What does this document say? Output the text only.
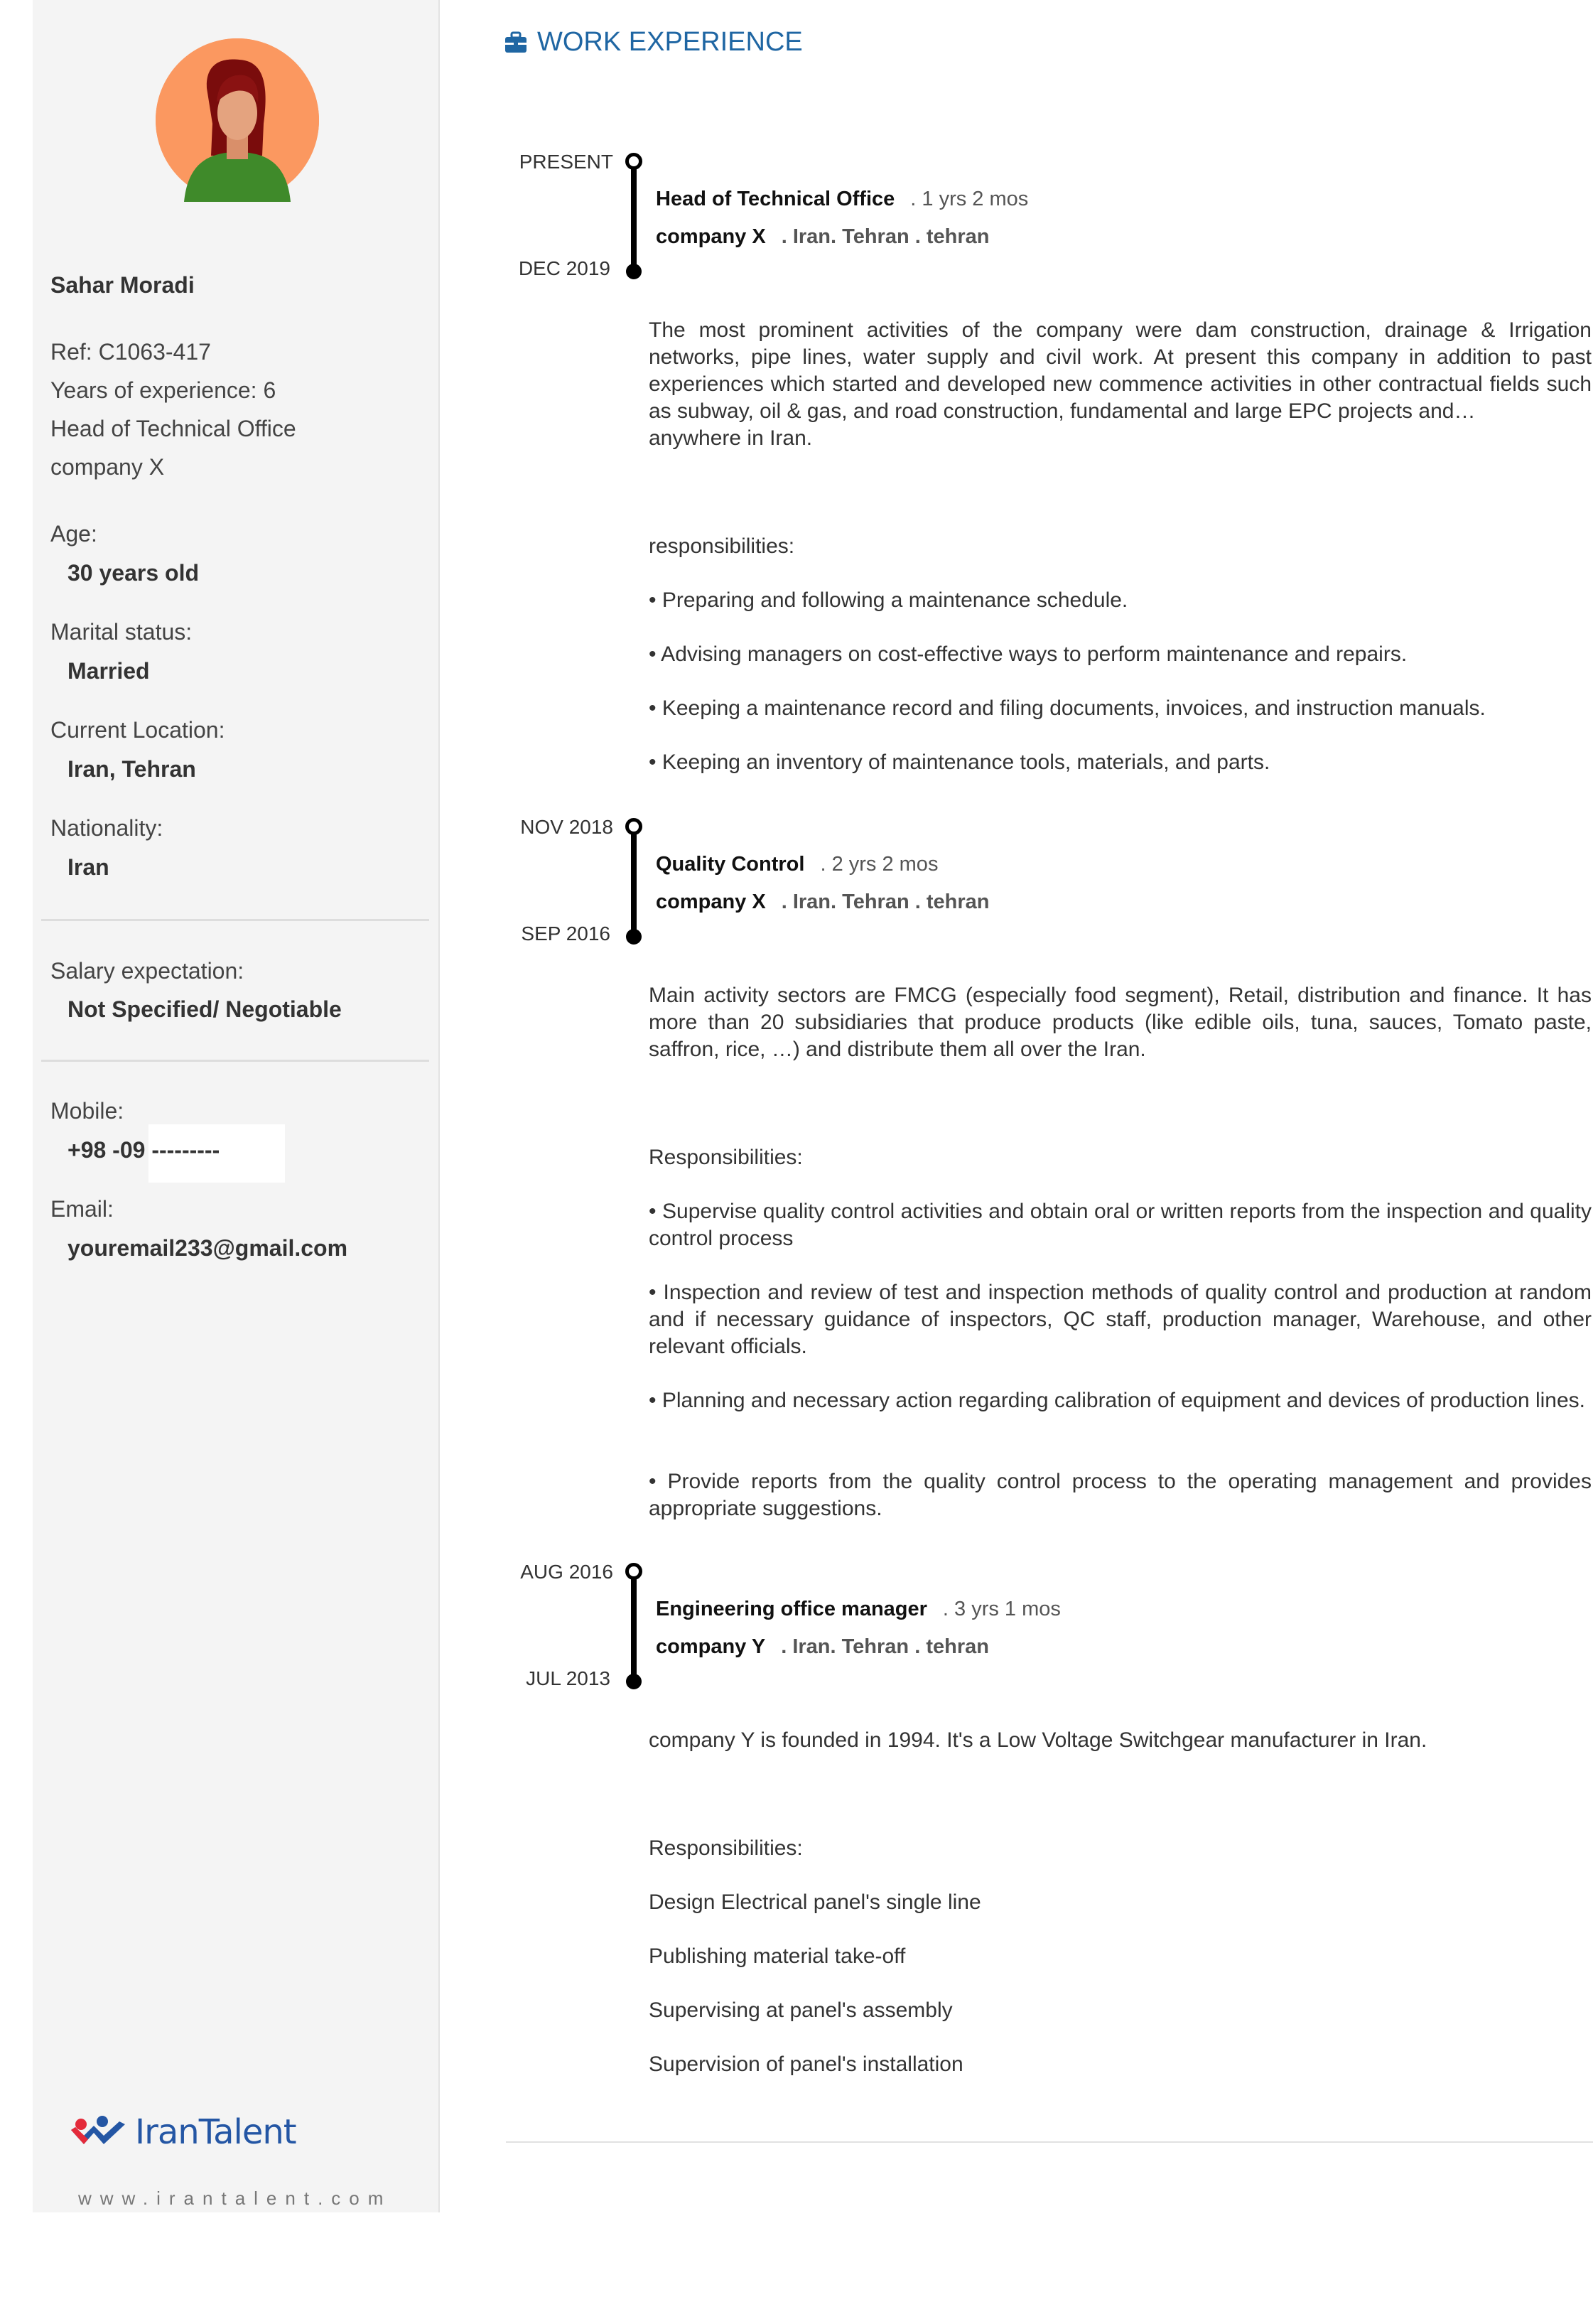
Sahar Moradi
Ref: C1063-417
Years of experience: 6
Head of Technical Office
company X
Age:
30 years old
Marital status:
Married
Current Location:
Iran, Tehran
Nationality:
Iran
Salary expectation:
Not Specified/ Negotiable
Mobile:
+98 -09 ---------
Email:
youremail233@gmail.com
IranTalent
www.irantalent.com
WORK EXPERIENCE
PRESENT
DEC 2019
Head of Technical Office . 1 yrs 2 mos
company X . Iran. Tehran . tehran
The most prominent activities of the company were dam construction, drainage & Irrigation networks, pipe lines, water supply and civil work. At present this company in addition to past experiences which started and developed new commence activities in other contractual fields such as subway, oil & gas, and road construction, fundamental and large EPC projects and…
anywhere in Iran.
responsibilities:
• Preparing and following a maintenance schedule.
• Advising managers on cost-effective ways to perform maintenance and repairs.
• Keeping a maintenance record and filing documents, invoices, and instruction manuals.
• Keeping an inventory of maintenance tools, materials, and parts.
NOV 2018
SEP 2016
Quality Control . 2 yrs 2 mos
company X . Iran. Tehran . tehran
Main activity sectors are FMCG (especially food segment), Retail, distribution and finance. It has more than 20 subsidiaries that produce products (like edible oils, tuna, sauces, Tomato paste, saffron, rice, …) and distribute them all over the Iran.
Responsibilities:
• Supervise quality control activities and obtain oral or written reports from the inspection and quality control process
• Inspection and review of test and inspection methods of quality control and production at random and if necessary guidance of inspectors, QC staff, production manager, Warehouse, and other relevant officials.
• Planning and necessary action regarding calibration of equipment and devices of production lines.
• Provide reports from the quality control process to the operating management and provides appropriate suggestions.
AUG 2016
JUL 2013
Engineering office manager . 3 yrs 1 mos
company Y . Iran. Tehran . tehran
company Y is founded in 1994. It's a Low Voltage Switchgear manufacturer in Iran.
Responsibilities:
Design Electrical panel's single line
Publishing material take-off
Supervising at panel's assembly
Supervision of panel's installation
